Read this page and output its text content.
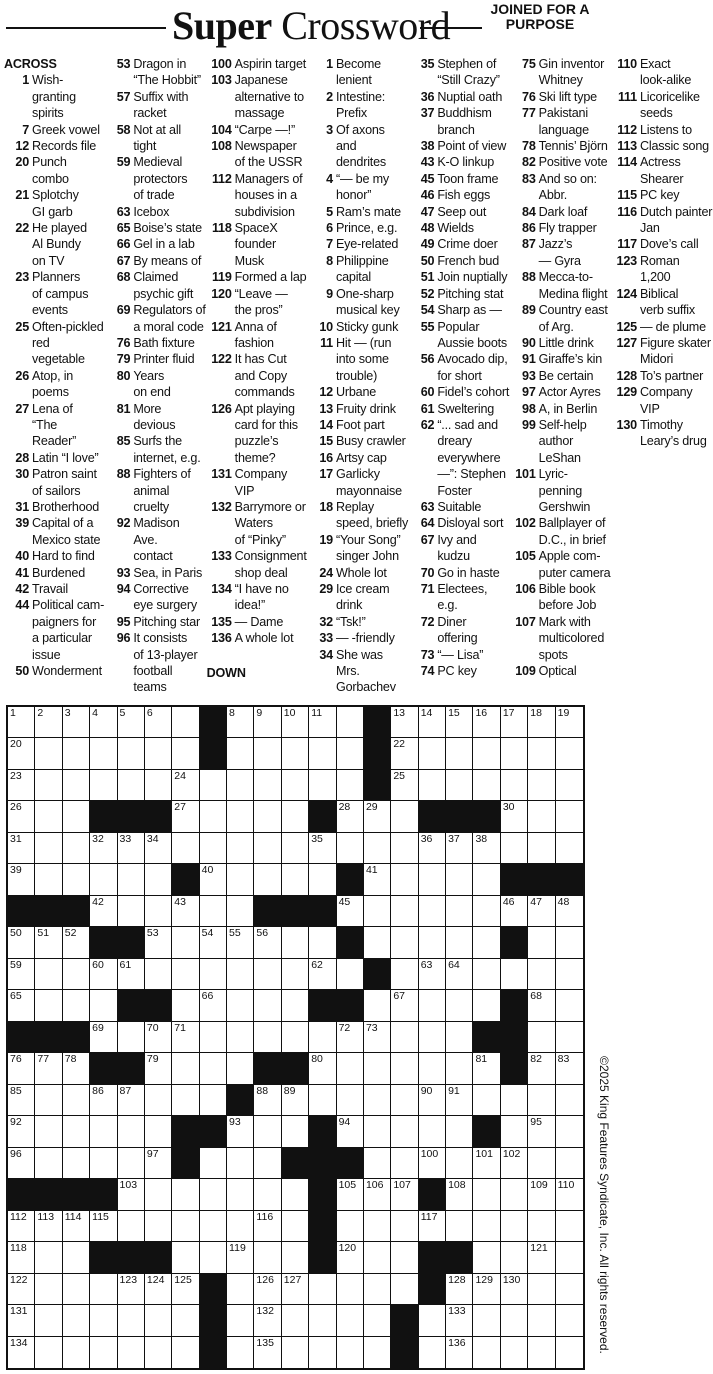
Super Crossword	JOINED FOR A PURPOSE
ACROSS
1 Wish-granting
spirits
7 Greek vowel
12 Records file
20 Punch
combo
21 Splotchy
GI garb
22 He played
Al Bundy
on TV
23 Planners
of campus
events
25 Often-pickled
red vegetable
26 Atop, in
poems
27 Lena of
“The Reader”
28 Latin “I love”
30 Patron saint
of sailors
31 Brotherhood
39 Capital of a
Mexico state
40 Hard to find
41 Burdened
42 Travail
44 Political cam-
paigners for
a particular
issue
50 Wonderment
53 Dragon in
“The Hobbit”
57 Suffix with
racket
58 Not at all tight
59 Medieval
protectors
of trade
63 Icebox
65 Boise’s state
66 Gel in a lab
67 By means of
68 Claimed
psychic gift
69 Regulators of
a moral code
76 Bath fixture
79 Printer fluid
80 Years
on end
81 More devious
85 Surfs the
internet, e.g.
88 Fighters of
animal cruelty
92 Madison Ave.
contact
93 Sea, in Paris
94 Corrective
eye surgery
95 Pitching star
96 It consists
of 13-player
football
teams
100 Aspirin target
103 Japanese
alternative to
massage
104 “Carpe —!”
108 Newspaper
of the USSR
112 Managers of
houses in a
subdivision
118 SpaceX
founder Musk
119 Formed a lap
120 “Leave —
the pros”
121 Anna of
fashion
122 It has Cut
and Copy
commands
126 Apt playing
card for this
puzzle’s
theme?
131 Company
VIP
132 Barrymore or
Waters
of “Pinky”
133 Consignment
shop deal
134 “I have no
idea!”
135 — Dame
136 A whole lot
DOWN
1 Become
lenient
2 Intestine:
Prefix
3 Of axons and
dendrites
4 “— be my
honor”
5 Ram’s mate
6 Prince, e.g.
7 Eye-related
8 Philippine
capital
9 One-sharp
musical key
10 Sticky gunk
11 Hit — (run
into some
trouble)
12 Urbane
13 Fruity drink
14 Foot part
15 Busy crawler
16 Artsy cap
17 Garlicky
mayonnaise
18 Replay
speed, briefly
19 “Your Song”
singer John
24 Whole lot
29 Ice cream
drink
32 “Tsk!”
33 — -friendly
34 She was Mrs.
Gorbachev
35 Stephen of
“Still Crazy”
36 Nuptial oath
37 Buddhism
branch
38 Point of view
43 K-O linkup
45 Toon frame
46 Fish eggs
47 Seep out
48 Wields
49 Crime doer
50 French bud
51 Join nuptially
52 Pitching stat
54 Sharp as —
55 Popular
Aussie boots
56 Avocado dip,
for short
60 Fidel’s cohort
61 Sweltering
62 “... sad and
dreary
everywhere
—”: Stephen
Foster
63 Suitable
64 Disloyal sort
67 Ivy and
kudzu
70 Go in haste
71 Electees, e.g.
72 Diner offering
73 “— Lisa”
74 PC key
75 Gin inventor
Whitney
76 Ski lift type
77 Pakistani
language
78 Tennis’ Björn
82 Positive vote
83 And so on:
Abbr.
84 Dark loaf
86 Fly trapper
87 Jazz’s
— Gyra
88 Mecca-to-
Medina flight
89 Country east
of Arg.
90 Little drink
91 Giraffe’s kin
93 Be certain
97 Actor Ayres
98 A, in Berlin
99 Self-help
author
LeShan
101 Lyric-penning
Gershwin
102 Ballplayer of
D.C., in brief
105 Apple com-
puter camera
106 Bible book
before Job
107 Mark with
multicolored
spots
109 Optical
110 Exact
look-alike
111 Licoricelike
seeds
112 Listens to
113 Classic song
114 Actress
Shearer
115 PC key
116 Dutch painter
Jan
117 Dove’s call
123 Roman 1,200
124 Biblical
verb suffix
125 — de plume
127 Figure skater
Midori
128 To’s partner
129 Company
VIP
130 Timothy
Leary’s drug
1 2 3 4 5 6	8 9 10 11	13 14 15 16 17 18 19
20	22
23	24	25
26	27	28 29	30
31	32 33 34	35	36 37 38
39	40	41
42	43	45	46 47 48
50 51 52	53	54 55 56
59	60 61	62	63 64
65	66	67	68
69	70 71	72 73
76 77 78	79	80	81	82 83
85	86 87	88 89	90 91
92	93	94	95
96	97	100	101 102
103	105 106 107	108	109 110
112 113 114 115	116	117
118	119	120	121
122	123 124 125	126 127	128 129 130
131	132	133
134	135	136	©2025 King Features Syndicate, Inc. All rights reserved.
